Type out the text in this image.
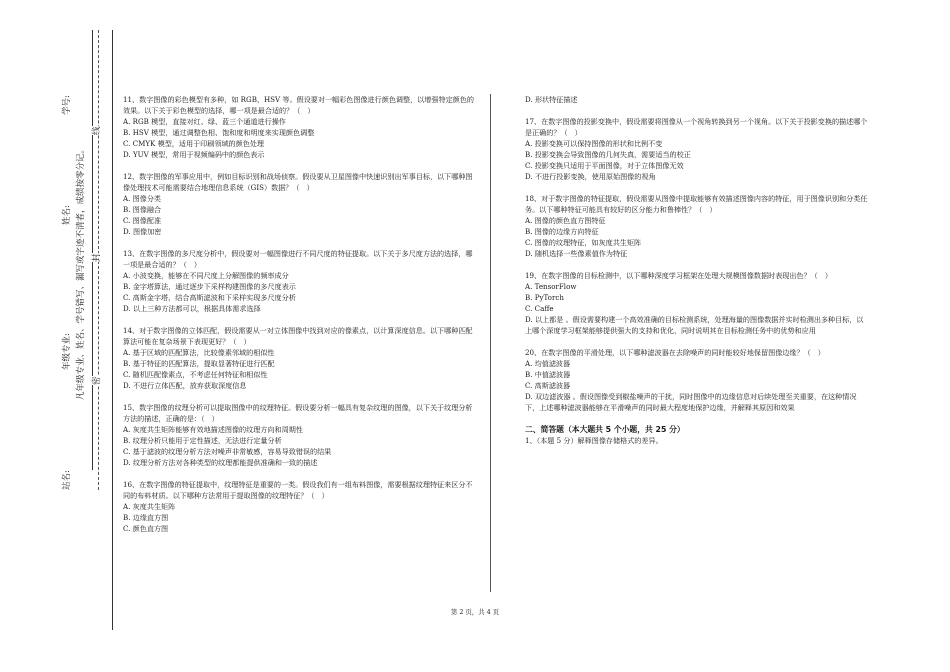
学号:
姓名:
年级专业:
站名:
凡年级专业、姓名、学号错写、漏写或字迹不清者，成绩按零分记。 密
封
线
11、数字图像的彩色模型有多种，如 RGB、HSV 等。假设要对一幅彩色图像进行颜色调整，以增强特定颜色的效果。以下关于彩色模型的选择，哪一项是最合适的？（　）
A. RGB 模型，直接对红、绿、蓝三个通道进行操作
B. HSV 模型，通过调整色相、饱和度和明度来实现颜色调整
C. CMYK 模型，适用于印刷领域的颜色处理
D. YUV 模型，常用于视频编码中的颜色表示
12、数字图像的军事应用中，例如目标识别和战场侦察。假设要从卫星图像中快速识别出军事目标，以下哪种图像处理技术可能需要结合地理信息系统（GIS）数据？（　）
A. 图像分类
B. 图像融合
C. 图像配准
D. 图像加密
13、在数字图像的多尺度分析中，假设要对一幅图像进行不同尺度的特征提取。以下关于多尺度方法的选择，哪一项是最合适的？（　）
A. 小波变换，能够在不同尺度上分解图像的频率成分
B. 金字塔算法，通过逐步下采样构建图像的多尺度表示
C. 高斯金字塔，结合高斯滤波和下采样实现多尺度分析
D. 以上三种方法都可以，根据具体需求选择
14、对于数字图像的立体匹配，假设需要从一对立体图像中找到对应的像素点，以计算深度信息。以下哪种匹配算法可能在复杂场景下表现更好？（　）
A. 基于区域的匹配算法，比较像素邻域的相似性
B. 基于特征的匹配算法，提取显著特征进行匹配
C. 随机匹配像素点，不考虑任何特征和相似性
D. 不进行立体匹配，放弃获取深度信息
15、数字图像的纹理分析可以提取图像中的纹理特征。假设要分析一幅具有复杂纹理的图像，以下关于纹理分析方法的描述，正确的是：（　）
A. 灰度共生矩阵能够有效地描述图像的纹理方向和周期性
B. 纹理分析只能用于定性描述，无法进行定量分析
C. 基于滤波的纹理分析方法对噪声非常敏感，容易导致错误的结果
D. 纹理分析方法对各种类型的纹理都能提供准确和一致的描述
16、在数字图像的特征提取中，纹理特征是重要的一类。假设我们有一组布料图像，需要根据纹理特征来区分不同的布料材质。以下哪种方法常用于提取图像的纹理特征？（　）
A. 灰度共生矩阵
B. 边缘直方图
C. 颜色直方图
D. 形状特征描述
17、在数字图像的投影变换中，假设需要将图像从一个视角转换到另一个视角。以下关于投影变换的描述哪个是正确的？（　）
A. 投影变换可以保持图像的形状和比例不变
B. 投影变换会导致图像的几何失真，需要适当的校正
C. 投影变换只适用于平面图像，对于立体图像无效
D. 不进行投影变换，使用原始图像的视角
18、对于数字图像的特征提取，假设需要从图像中提取能够有效描述图像内容的特征，用于图像识别和分类任务。以下哪种特征可能具有较好的区分能力和鲁棒性？（　）
A. 图像的颜色直方图特征
B. 图像的边缘方向特征
C. 图像的纹理特征，如灰度共生矩阵
D. 随机选择一些像素值作为特征
19、在数字图像的目标检测中，以下哪种深度学习框架在处理大规模图像数据时表现出色？（　）
A. TensorFlow
B. PyTorch
C. Caffe
D. 以上都是 。假设需要构建一个高效准确的目标检测系统，处理海量的图像数据并实时检测出多种目标，以上哪个深度学习框架能够提供强大的支持和优化，同时说明其在目标检测任务中的优势和应用
20、在数字图像的平滑处理，以下哪种滤波器在去除噪声的同时能较好地保留图像边缘？（　）
A. 均值滤波器
B. 中值滤波器
C. 高斯滤波器
D. 双边滤波器 。假设图像受到椒盐噪声的干扰，同时图像中的边缘信息对后续处理至关重要，在这种情况下，上述哪种滤波器能够在平滑噪声的同时最大程度地保护边缘，并解释其原因和效果
二、简答题（本大题共 5 个小题，共 25 分）
1、（本题 5 分）解释图像存储格式的差异。
第 2 页，共 4 页
